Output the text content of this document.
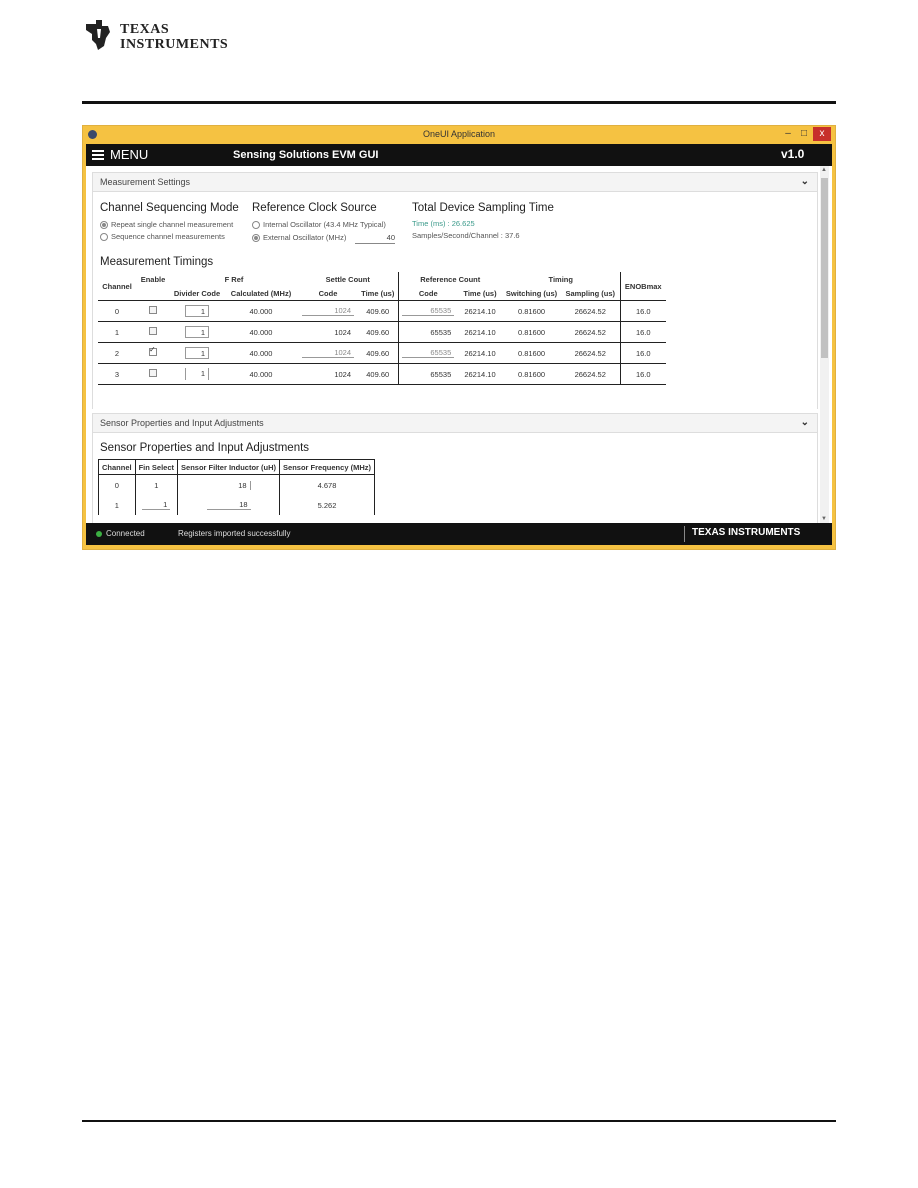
TEXAS
INSTRUMENTS
OneUI Application	–	□	x
MENU	Sensing Solutions EVM GUI	v1.0
Measurement Settings	⌄
Channel Sequencing Mode
Repeat single channel measurement
Sequence channel measurements
Reference Clock Source
Internal Oscillator (43.4 MHz Typical)
External Oscillator (MHz)	40
Total Device Sampling Time
Time (ms) : 26.625
Samples/Second/Channel : 37.6
Measurement Timings
Channel	Enable	F Ref		Settle Count		Reference Count		Timing		ENOBmax
		Divider Code	Calculated (MHz)	Code	Time (us)	Code	Time (us)	Switching (us)	Sampling (us)	
0		1	40.000	1024	409.60	65535	26214.10	0.81600	26624.52	16.0
1		1	40.000	1024	409.60	65535	26214.10	0.81600	26624.52	16.0
2	✓	1	40.000	1024	409.60	65535	26214.10	0.81600	26624.52	16.0
3		1	40.000	1024	409.60	65535	26214.10	0.81600	26624.52	16.0
Sensor Properties and Input Adjustments	⌄
Sensor Properties and Input Adjustments
Channel	Fin Select	Sensor Filter Inductor (uH)	Sensor Frequency (MHz)
0	1	18	4.678
1	1	18	5.262
▲
▼
Connected	Registers imported successfully	TEXAS INSTRUMENTS
